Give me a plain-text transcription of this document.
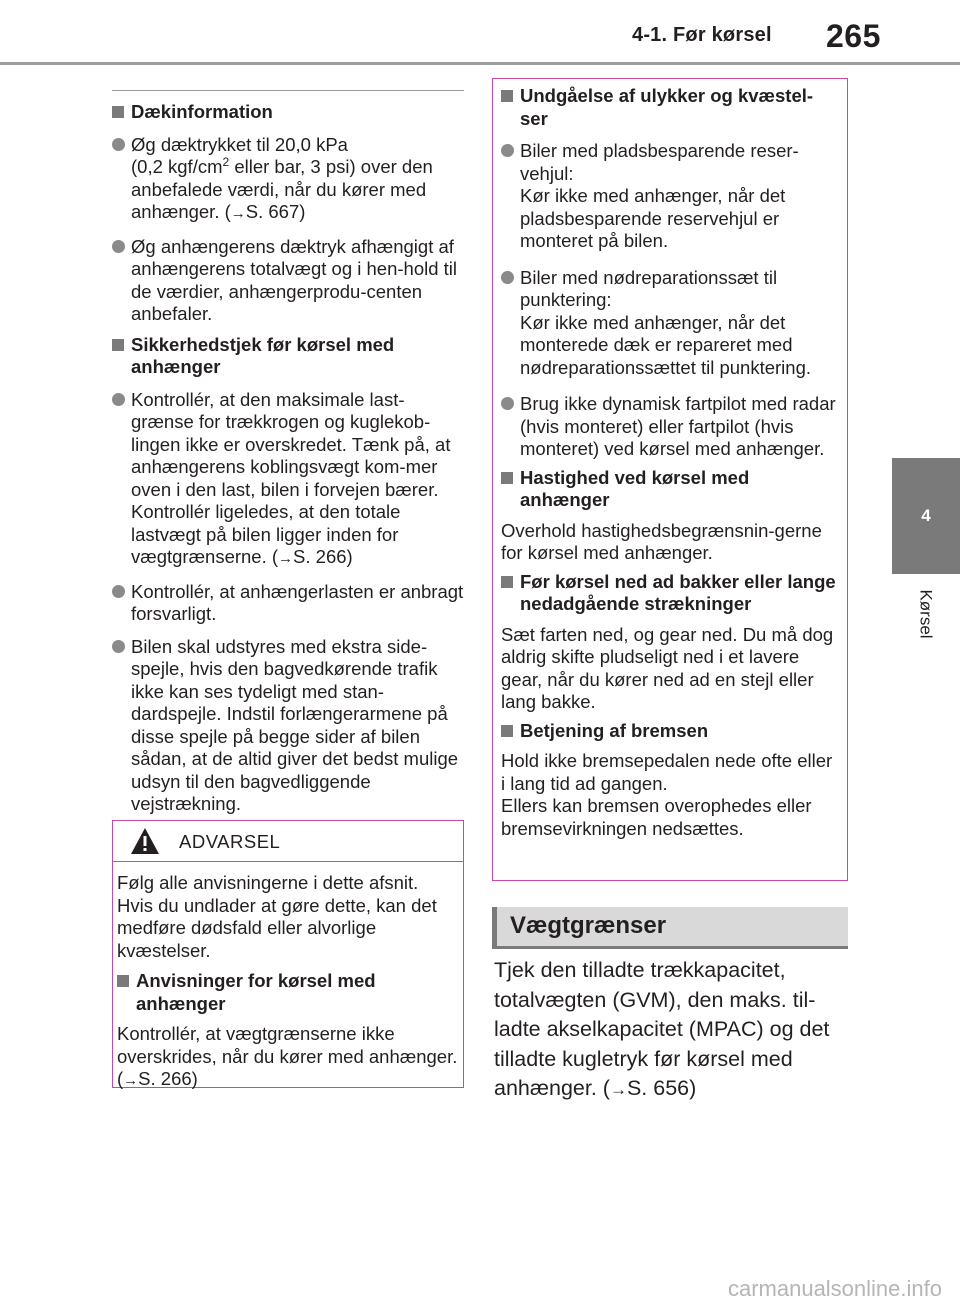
4-1. Før kørsel 265
4
Kørsel
Dækinformation
Øg dæktrykket til 20,0 kPa
(0,2 kgf/$cm^2$ eller bar, 3 psi) over den
anbefalede værdi, når du kører med
anhænger. (→S. 667)
Øg anhængerens dæktryk afhængigt af anhængerens totalvægt og i hen-hold til de værdier, anhængerprodu-centen anbefaler.
Sikkerhedstjek før kørsel med anhænger
Kontrollér, at den maksimale last-grænse for trækkrogen og kuglekob-lingen ikke er overskredet. Tænk på, at anhængerens koblingsvægt kom-mer oven i den last, bilen i forvejen bærer. Kontrollér ligeledes, at den totale lastvægt på bilen ligger inden for vægtgrænserne. (→S. 266)
Kontrollér, at anhængerlasten er anbragt forsvarligt.
Bilen skal udstyres med ekstra side-spejle, hvis den bagvedkørende trafik ikke kan ses tydeligt med stan-dardspejle. Indstil forlængerarmene på disse spejle på begge sider af bilen sådan, at de altid giver det bedst mulige udsyn til den bagvedliggende vejstrækning.
ADVARSEL
Følg alle anvisningerne i dette afsnit. Hvis du undlader at gøre dette, kan det medføre dødsfald eller alvorlige kvæstelser.
Anvisninger for kørsel med anhænger
Kontrollér, at vægtgrænserne ikke overskrides, når du kører med anhænger. (→S. 266)
Undgåelse af ulykker og kvæstel-ser
Biler med pladsbesparende reser-vehjul:
Kør ikke med anhænger, når det pladsbesparende reservehjul er monteret på bilen.
Biler med nødreparationssæt til punktering:
Kør ikke med anhænger, når det monterede dæk er repareret med nødreparationssættet til punktering.
Brug ikke dynamisk fartpilot med radar (hvis monteret) eller fartpilot (hvis monteret) ved kørsel med anhænger.
Hastighed ved kørsel med anhænger
Overhold hastighedsbegrænsnin-gerne for kørsel med anhænger.
Før kørsel ned ad bakker eller lange nedadgående strækninger
Sæt farten ned, og gear ned. Du må dog aldrig skifte pludseligt ned i et lavere gear, når du kører ned ad en stejl eller lang bakke.
Betjening af bremsen
Hold ikke bremsepedalen nede ofte eller i lang tid ad gangen.
Ellers kan bremsen overophedes eller bremsevirkningen nedsættes.
Vægtgrænser
Tjek den tilladte trækkapacitet, totalvægten (GVM), den maks. til-ladte akselkapacitet (MPAC) og det tilladte kugletryk før kørsel med anhænger. (→S. 656)
carmanualsonline.info
